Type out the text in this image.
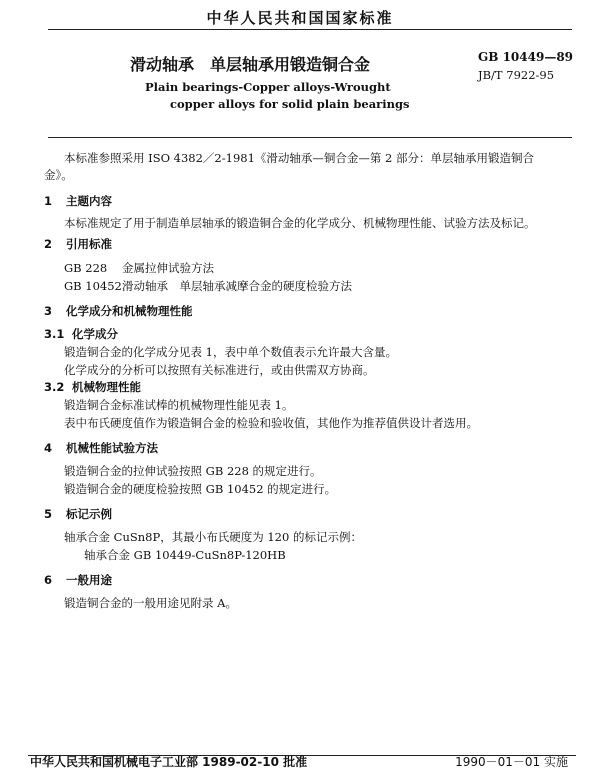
中华人民共和国国家标准
滑动轴承 单层轴承用锻造铜合金	GB 10449—89
JB/T 7922-95
Plain bearings-Copper alloys-Wrought
copper alloys for solid plain bearings
本标准参照采用 ISO 4382／2-1981《滑动轴承—铜合金—第 2 部分：单层轴承用锻造铜合
金》。
1 主题内容
本标准规定了用于制造单层轴承的锻造铜合金的化学成分、机械物理性能、试验方法及标记。
2 引用标准
GB 228 金属拉伸试验方法
GB 10452滑动轴承　单层轴承减摩合金的硬度检验方法
3 化学成分和机械物理性能
3.1 化学成分
锻造铜合金的化学成分见表 1，表中单个数值表示允许最大含量。
化学成分的分析可以按照有关标准进行，或由供需双方协商。
3.2 机械物理性能
锻造铜合金标准试棒的机械物理性能见表 1。
表中布氏硬度值作为锻造铜合金的检验和验收值，其他作为推荐值供设计者选用。
4 机械性能试验方法
锻造铜合金的拉伸试验按照 GB 228 的规定进行。
锻造铜合金的硬度检验按照 GB 10452 的规定进行。
5 标记示例
轴承合金 CuSn8P，其最小布氏硬度为 120 的标记示例：
轴承合金 GB 10449-CuSn8P-120HB
6 一般用途
锻造铜合金的一般用途见附录 A。
中华人民共和国机械电子工业部 1989-02-10 批准	1990－01－01 实施
